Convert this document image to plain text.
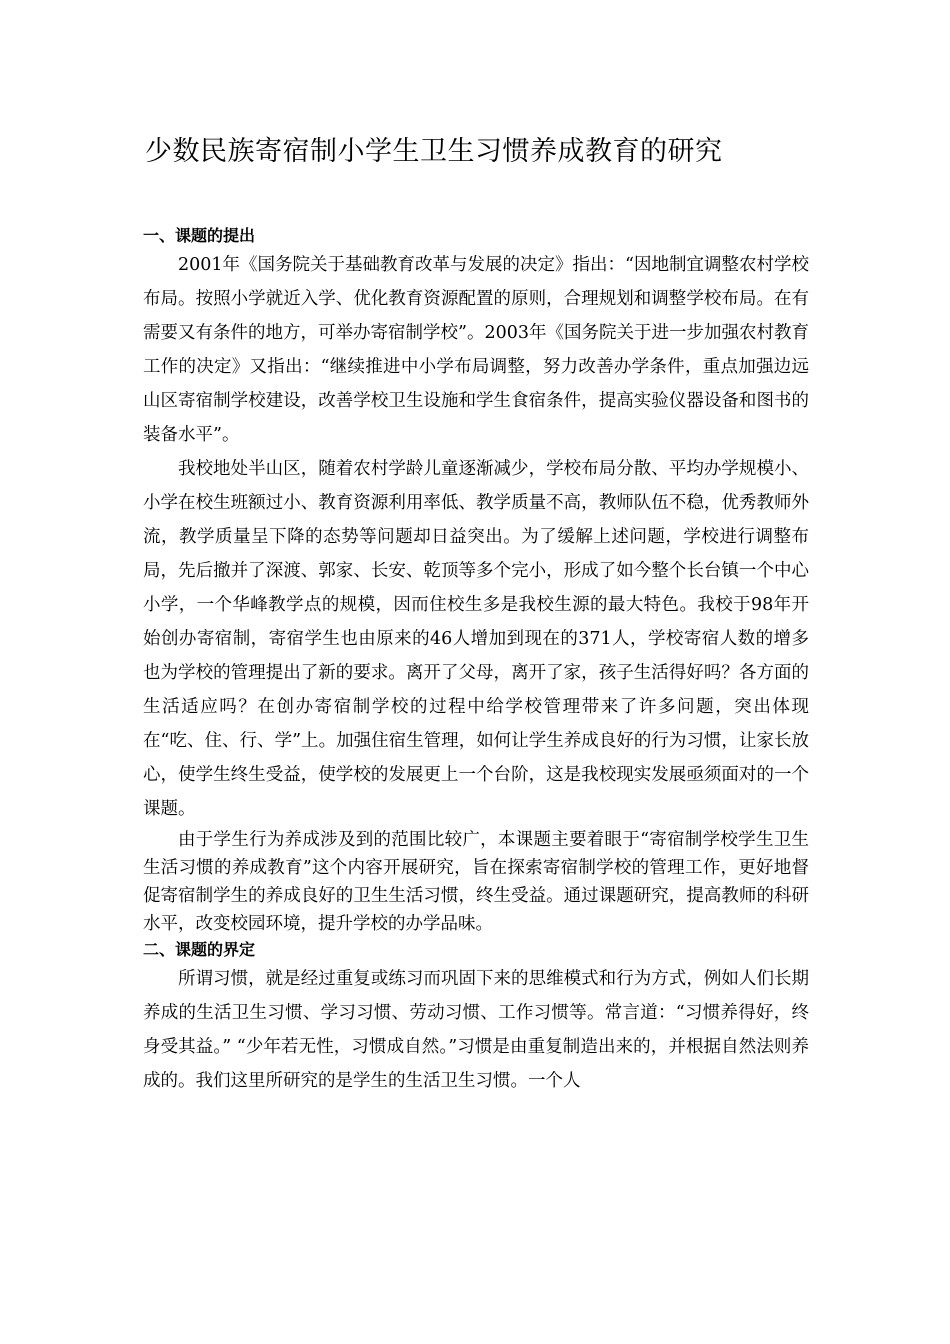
少数民族寄宿制小学生卫生习惯养成教育的研究
一、课题的提出

2001年《国务院关于基础教育改革与发展的决定》指出：“因地制宜调整农村学校布局。按照小学就近入学、优化教育资源配置的原则，合理规划和调整学校布局。在有需要又有条件的地方，可举办寄宿制学校”。2003年《国务院关于进一步加强农村教育工作的决定》又指出：“继续推进中小学布局调整，努力改善办学条件，重点加强边远山区寄宿制学校建设，改善学校卫生设施和学生食宿条件，提高实验仪器设备和图书的装备水平”。

我校地处半山区，随着农村学龄儿童逐渐减少，学校布局分散、平均办学规模小、小学在校生班额过小、教育资源利用率低、教学质量不高，教师队伍不稳，优秀教师外流，教学质量呈下降的态势等问题却日益突出。为了缓解上述问题，学校进行调整布局，先后撤并了深渡、郭家、长安、乾顶等多个完小，形成了如今整个长台镇一个中心小学，一个华峰教学点的规模，因而住校生多是我校生源的最大特色。我校于98年开始创办寄宿制，寄宿学生也由原来的46人增加到现在的371人，学校寄宿人数的增多也为学校的管理提出了新的要求。离开了父母，离开了家，孩子生活得好吗？各方面的生活适应吗？在创办寄宿制学校的过程中给学校管理带来了许多问题，突出体现在“吃、住、行、学”上。加强住宿生管理，如何让学生养成良好的行为习惯，让家长放心，使学生终生受益，使学校的发展更上一个台阶，这是我校现实发展亟须面对的一个课题。

由于学生行为养成涉及到的范围比较广，本课题主要着眼于“寄宿制学校学生卫生生活习惯的养成教育”这个内容开展研究，旨在探索寄宿制学校的管理工作，更好地督促寄宿制学生的养成良好的卫生生活习惯，终生受益。通过课题研究，提高教师的科研水平，改变校园环境，提升学校的办学品味。

二、课题的界定

所谓习惯，就是经过重复或练习而巩固下来的思维模式和行为方式，例如人们长期养成的生活卫生习惯、学习习惯、劳动习惯、工作习惯等。常言道：“习惯养得好，终身受其益。” “少年若无性，习惯成自然。”习惯是由重复制造出来的，并根据自然法则养成的。我们这里所研究的是学生的生活卫生习惯。一个人
